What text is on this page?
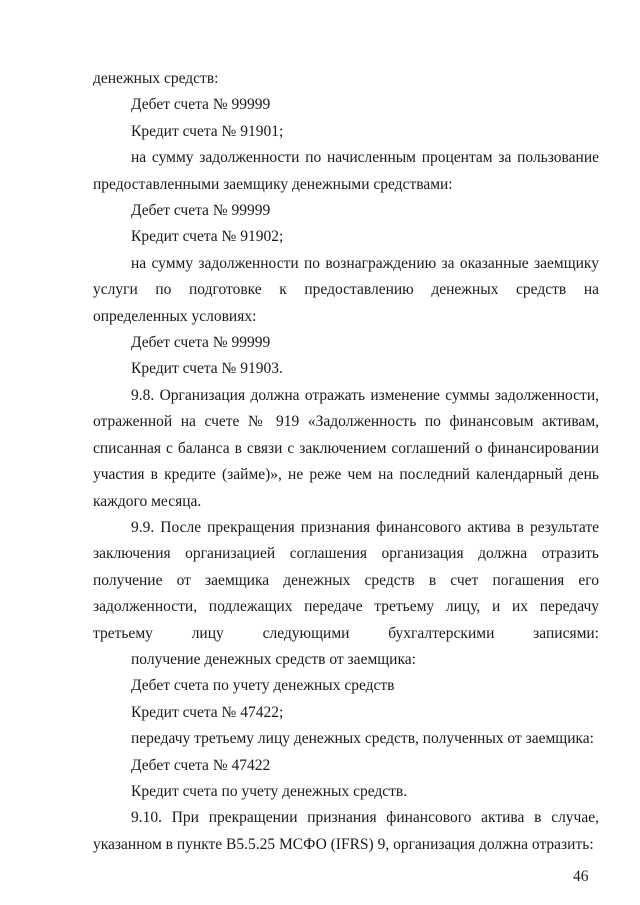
денежных средств:

Дебет счета № 99999

Кредит счета № 91901;

на сумму задолженности по начисленным процентам за пользование предоставленными заемщику денежными средствами:

Дебет счета № 99999

Кредит счета № 91902;

на сумму задолженности по вознаграждению за оказанные заемщику услуги по подготовке к предоставлению денежных средств на определенных условиях:

Дебет счета № 99999

Кредит счета № 91903.

9.8. Организация должна отражать изменение суммы задолженности, отраженной на счете № 919 «Задолженность по финансовым активам, списанная с баланса в связи с заключением соглашений о финансировании участия в кредите (займе)», не реже чем на последний календарный день каждого месяца.

9.9. После прекращения признания финансового актива в результате заключения организацией соглашения организация должна отразить получение от заемщика денежных средств в счет погашения его задолженности, подлежащих передаче третьему лицу, и их передачу третьему лицу следующими бухгалтерскими записями:

получение денежных средств от заемщика:

Дебет счета по учету денежных средств

Кредит счета № 47422;

передачу третьему лицу денежных средств, полученных от заемщика:

Дебет счета № 47422

Кредит счета по учету денежных средств.

9.10. При прекращении признания финансового актива в случае, указанном в пункте В5.5.25 МСФО (IFRS) 9, организация должна отразить:

46
